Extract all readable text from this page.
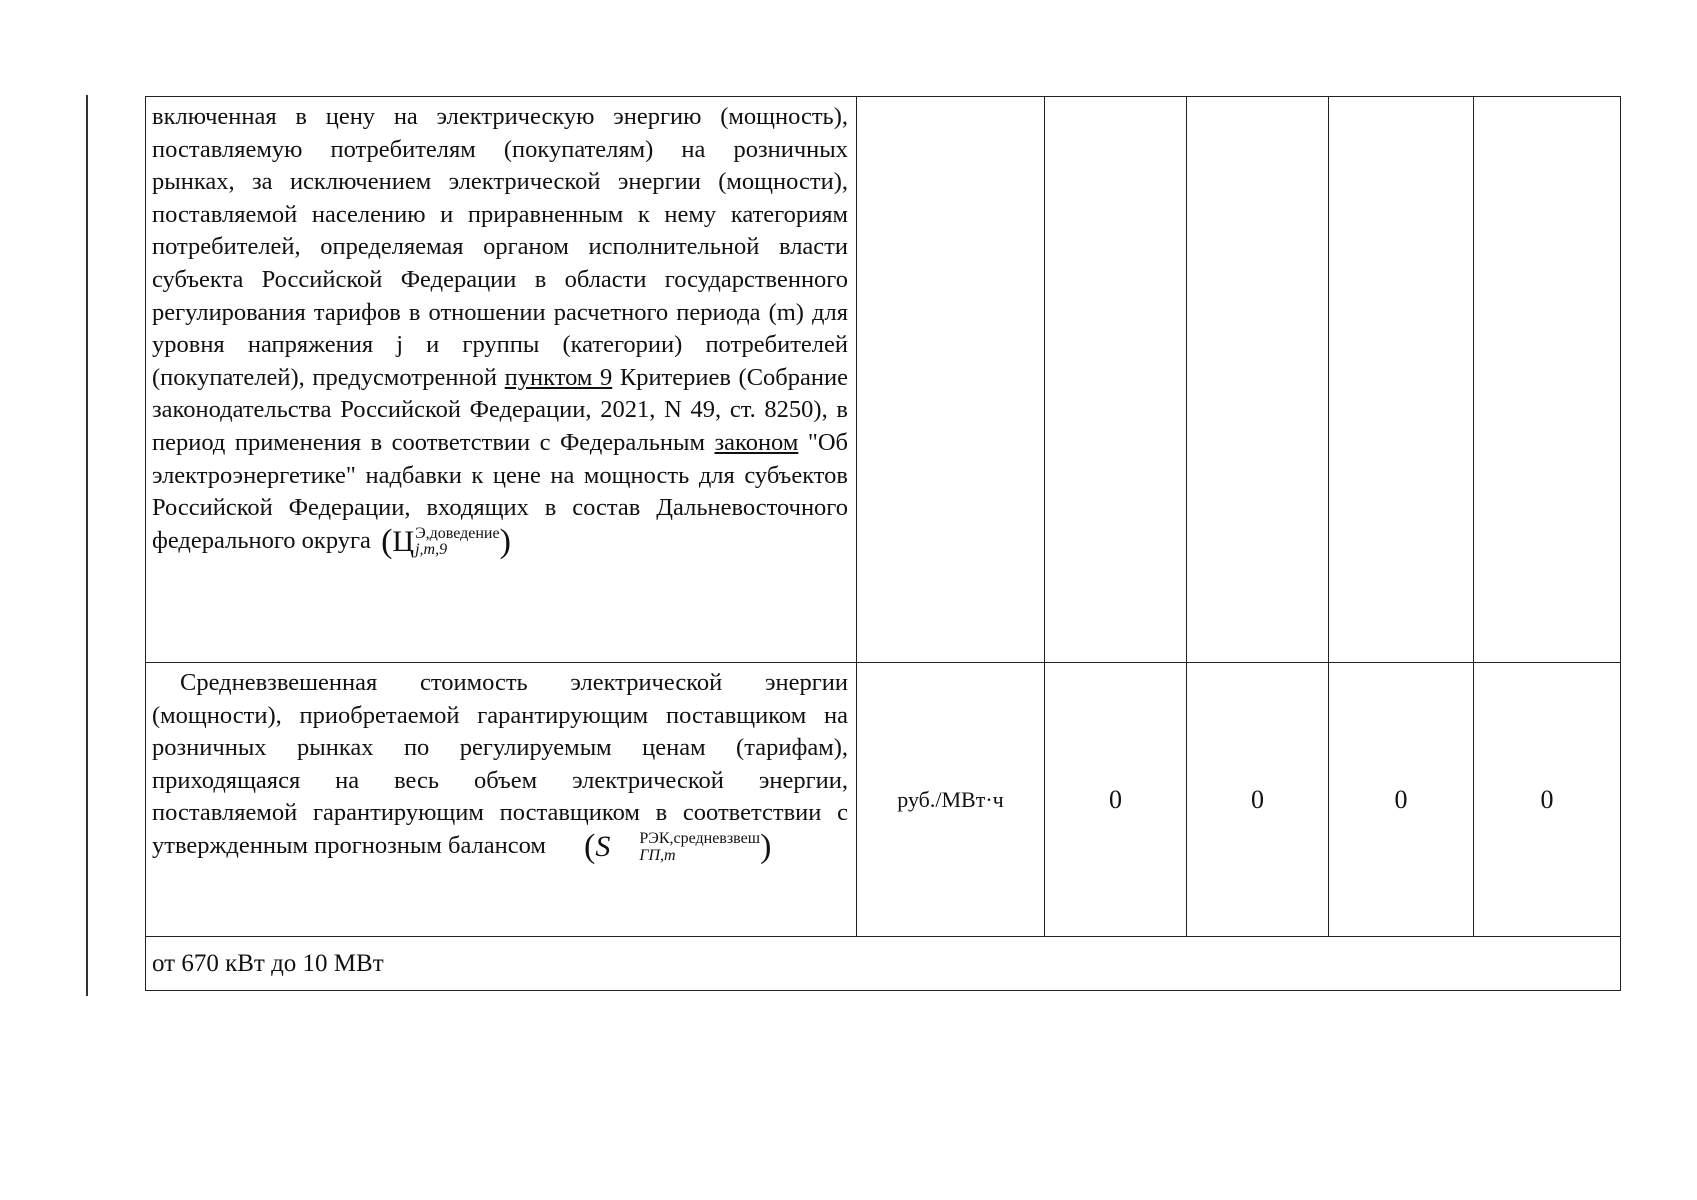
включенная в цену на электрическую энергию (мощность), поставляемую потребителям (покупателям) на розничных рынках, за исключением электрической энергии (мощности), поставляемой населению и приравненным к нему категориям потребителей, определяемая органом исполнительной власти субъекта Российской Федерации в области государственного регулирования тарифов в отношении расчетного периода (m) для уровня напряжения j и группы (категории) потребителей (покупателей), предусмотренной пунктом 9 Критериев (Собрание законодательства Российской Федерации, 2021, N 49, ст. 8250), в период применения в соответствии с Федеральным законом "Об электроэнергетике" надбавки к цене на мощность для субъектов Российской Федерации, входящих в состав Дальневосточного федерального округа (Ц Э,доведение
j,m,9 )					

Средневзвешенная стоимость электрической энергии (мощности), приобретаемой гарантирующим поставщиком на розничных рынках по регулируемым ценам (тарифам), приходящаяся на весь объем электрической энергии, поставляемой гарантирующим поставщиком в соответствии с утвержденным прогнозным балансом (S РЭК,средневзвеш
ГП,m )	руб./МВт·ч	0	0	0	0
от 670 кВт до 10 МВт					
